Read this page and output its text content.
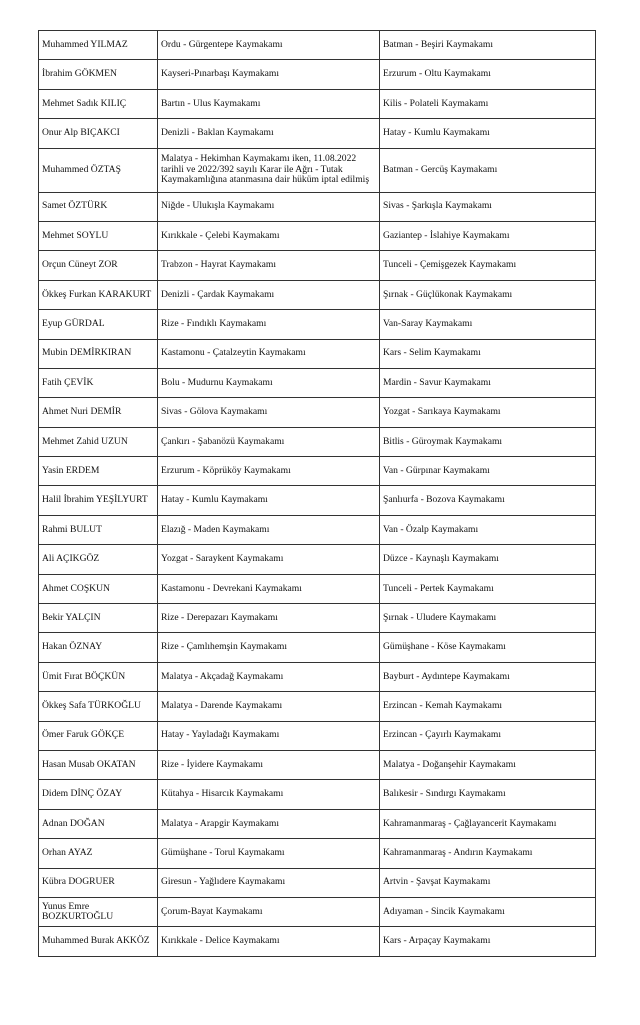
Muhammed YILMAZ	Ordu - Gürgentepe Kaymakamı	Batman - Beşiri Kaymakamı
İbrahim GÖKMEN	Kayseri-Pınarbaşı Kaymakamı	Erzurum - Oltu Kaymakamı
Mehmet Sadık KILIÇ	Bartın - Ulus Kaymakamı	Kilis - Polateli Kaymakamı
Onur Alp BIÇAKCI	Denizli - Baklan Kaymakamı	Hatay - Kumlu Kaymakamı
Muhammed ÖZTAŞ	Malatya - Hekimhan Kaymakamı iken, 11.08.2022 tarihli ve 2022/392 sayılı Karar ile Ağrı - Tutak Kaymakamlığına atanmasına dair hüküm iptal edilmiş	Batman - Gercüş Kaymakamı
Samet ÖZTÜRK	Niğde - Ulukışla Kaymakamı	Sivas - Şarkışla Kaymakamı
Mehmet SOYLU	Kırıkkale - Çelebi Kaymakamı	Gaziantep - İslahiye Kaymakamı
Orçun Cüneyt ZOR	Trabzon - Hayrat Kaymakamı	Tunceli - Çemişgezek Kaymakamı
Ökkeş Furkan KARAKURT	Denizli - Çardak Kaymakamı	Şırnak - Güçlükonak Kaymakamı
Eyup GÜRDAL	Rize - Fındıklı Kaymakamı	Van-Saray Kaymakamı
Mubin DEMİRKIRAN	Kastamonu - Çatalzeytin Kaymakamı	Kars - Selim Kaymakamı
Fatih ÇEVİK	Bolu - Mudurnu Kaymakamı	Mardin - Savur Kaymakamı
Ahmet Nuri DEMİR	Sivas - Gölova Kaymakamı	Yozgat - Sarıkaya Kaymakamı
Mehmet Zahid UZUN	Çankırı - Şabanözü Kaymakamı	Bitlis - Güroymak Kaymakamı
Yasin ERDEM	Erzurum - Köprüköy Kaymakamı	Van - Gürpınar Kaymakamı
Halil İbrahim YEŞİLYURT	Hatay - Kumlu Kaymakamı	Şanlıurfa - Bozova Kaymakamı
Rahmi BULUT	Elazığ - Maden Kaymakamı	Van - Özalp Kaymakamı
Ali AÇIKGÖZ	Yozgat - Saraykent Kaymakamı	Düzce - Kaynaşlı Kaymakamı
Ahmet COŞKUN	Kastamonu - Devrekani Kaymakamı	Tunceli - Pertek Kaymakamı
Bekir YALÇIN	Rize - Derepazarı Kaymakamı	Şırnak - Uludere Kaymakamı
Hakan ÖZNAY	Rize - Çamlıhemşin Kaymakamı	Gümüşhane - Köse Kaymakamı
Ümit Fırat BÖÇKÜN	Malatya - Akçadağ Kaymakamı	Bayburt - Aydıntepe Kaymakamı
Ökkeş Safa TÜRKOĞLU	Malatya - Darende Kaymakamı	Erzincan - Kemah Kaymakamı
Ömer Faruk GÖKÇE	Hatay - Yayladağı Kaymakamı	Erzincan - Çayırlı Kaymakamı
Hasan Musab OKATAN	Rize - İyidere Kaymakamı	Malatya - Doğanşehir Kaymakamı
Didem DİNÇ ÖZAY	Kütahya - Hisarcık Kaymakamı	Balıkesir - Sındırgı Kaymakamı
Adnan DOĞAN	Malatya - Arapgir Kaymakamı	Kahramanmaraş - Çağlayancerit Kaymakamı
Orhan AYAZ	Gümüşhane - Torul Kaymakamı	Kahramanmaraş - Andırın Kaymakamı
Kübra DOGRUER	Giresun - Yağlıdere Kaymakamı	Artvin - Şavşat Kaymakamı
Yunus Emre BOZKURTOĞLU	Çorum-Bayat Kaymakamı	Adıyaman - Sincik Kaymakamı
Muhammed Burak AKKÖZ	Kırıkkale - Delice Kaymakamı	Kars - Arpaçay Kaymakamı
